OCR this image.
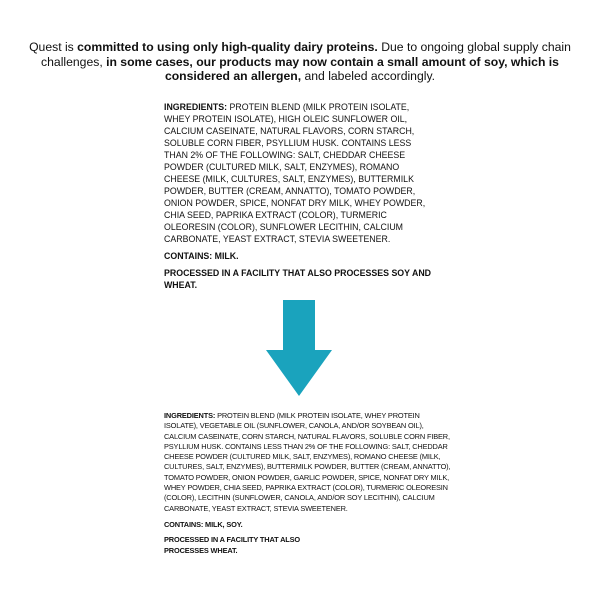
Quest is committed to using only high-quality dairy proteins. Due to ongoing global supply chain challenges, in some cases, our products may now contain a small amount of soy, which is considered an allergen, and labeled accordingly.

INGREDIENTS: PROTEIN BLEND (MILK PROTEIN ISOLATE, WHEY PROTEIN ISOLATE), HIGH OLEIC SUNFLOWER OIL, CALCIUM CASEINATE, NATURAL FLAVORS, CORN STARCH, SOLUBLE CORN FIBER, PSYLLIUM HUSK. CONTAINS LESS THAN 2% OF THE FOLLOWING: SALT, CHEDDAR CHEESE POWDER (CULTURED MILK, SALT, ENZYMES), ROMANO CHEESE (MILK, CULTURES, SALT, ENZYMES), BUTTERMILK POWDER, BUTTER (CREAM, ANNATTO), TOMATO POWDER, ONION POWDER, SPICE, NONFAT DRY MILK, WHEY POWDER, CHIA SEED, PAPRIKA EXTRACT (COLOR), TURMERIC OLEORESIN (COLOR), SUNFLOWER LECITHIN, CALCIUM CARBONATE, YEAST EXTRACT, STEVIA SWEETENER.

CONTAINS: MILK.

PROCESSED IN A FACILITY THAT ALSO PROCESSES SOY AND WHEAT.

INGREDIENTS: PROTEIN BLEND (MILK PROTEIN ISOLATE, WHEY PROTEIN ISOLATE), VEGETABLE OIL (SUNFLOWER, CANOLA, AND/OR SOYBEAN OIL), CALCIUM CASEINATE, CORN STARCH, NATURAL FLAVORS, SOLUBLE CORN FIBER, PSYLLIUM HUSK. CONTAINS LESS THAN 2% OF THE FOLLOWING: SALT, CHEDDAR CHEESE POWDER (CULTURED MILK, SALT, ENZYMES), ROMANO CHEESE (MILK, CULTURES, SALT, ENZYMES), BUTTERMILK POWDER, BUTTER (CREAM, ANNATTO), TOMATO POWDER, ONION POWDER, GARLIC POWDER, SPICE, NONFAT DRY MILK, WHEY POWDER, CHIA SEED, PAPRIKA EXTRACT (COLOR), TURMERIC OLEORESIN (COLOR), LECITHIN (SUNFLOWER, CANOLA, AND/OR SOY LECITHIN), CALCIUM CARBONATE, YEAST EXTRACT, STEVIA SWEETENER.

CONTAINS: MILK, SOY.

PROCESSED IN A FACILITY THAT ALSO PROCESSES WHEAT.
